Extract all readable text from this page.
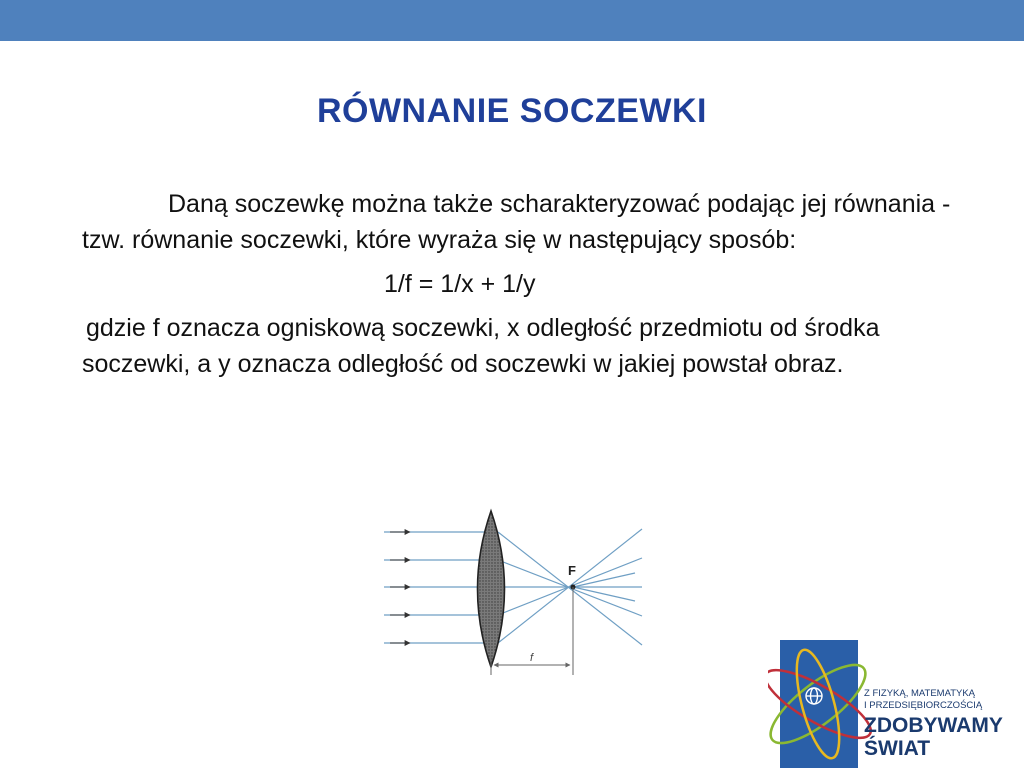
RÓWNANIE SOCZEWKI

Daną soczewkę można także scharakteryzować podając jej równania - tzw. równanie soczewki, które wyraża się w następujący sposób:

1/f = 1/x + 1/y

gdzie f oznacza ogniskową soczewki, x odległość przedmiotu od środka soczewki, a y oznacza odległość od soczewki w jakiej powstał obraz.

F
f
Z FIZYKĄ, MATEMATYKĄ
I PRZEDSIĘBIORCZOŚCIĄ
ZDOBYWAMY
ŚWIAT
